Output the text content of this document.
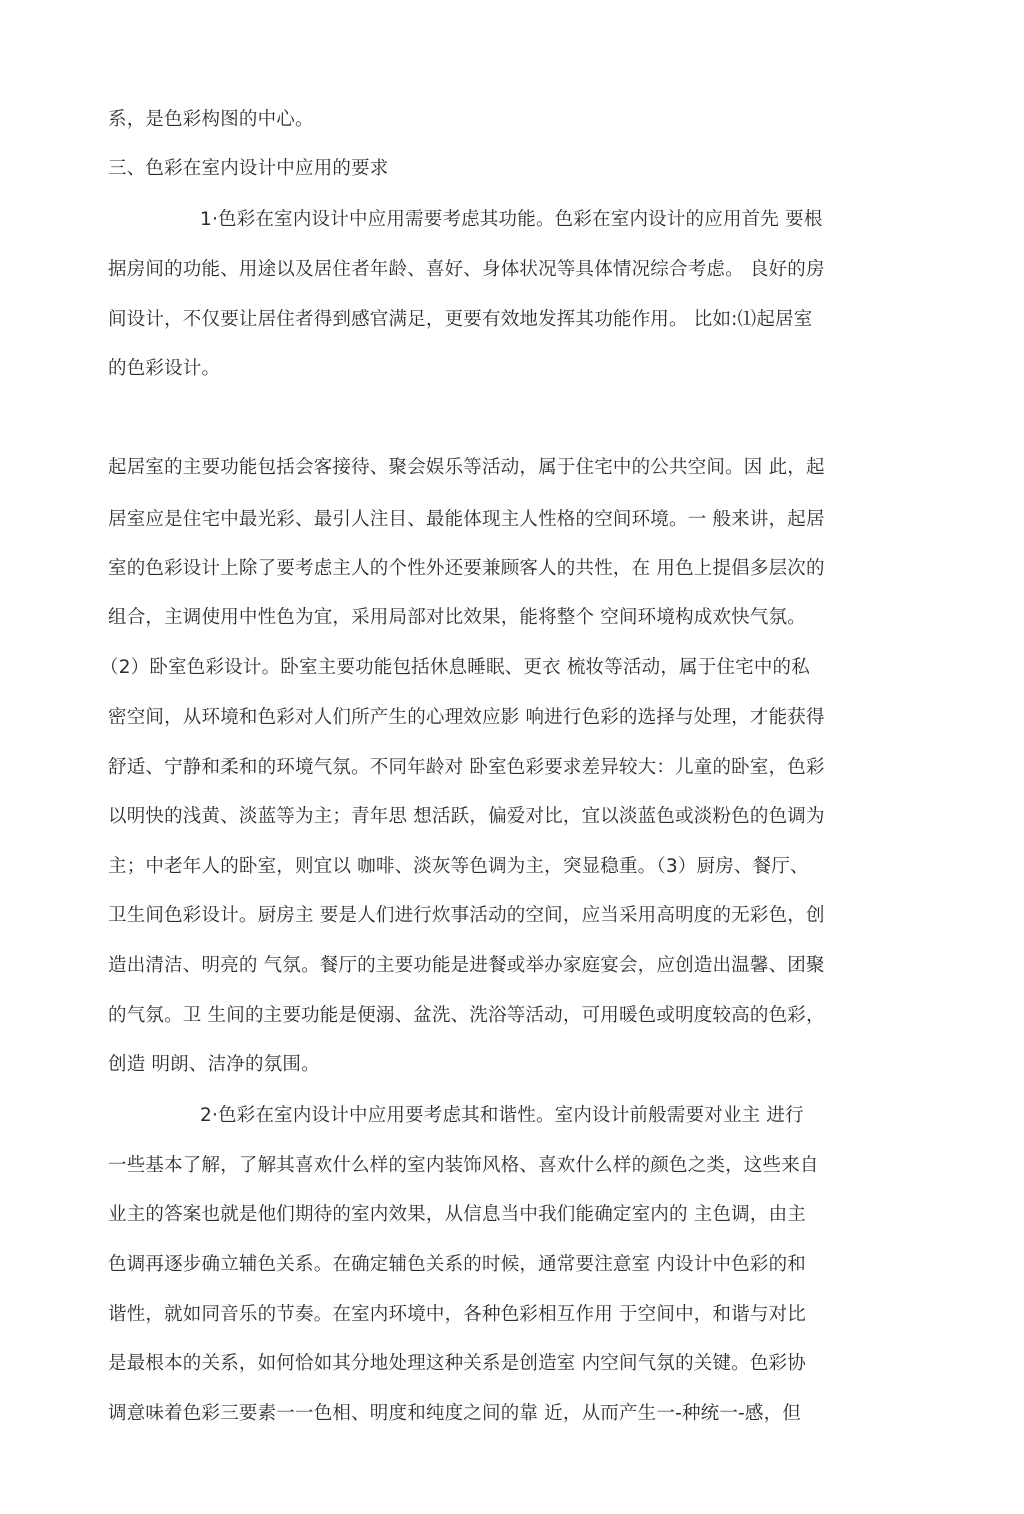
系，是色彩构图的中心。
三、色彩在室内设计中应用的要求
1·色彩在室内设计中应用需要考虑其功能。色彩在室内设计的应用首先 要根
据房间的功能、用途以及居住者年龄、喜好、身体状况等具体情况综合考虑。 良好的房
间设计，不仅要让居住者得到感官满足，更要有效地发挥其功能作用。 比如:⑴起居室
的色彩设计。
起居室的主要功能包括会客接待、聚会娱乐等活动，属于住宅中的公共空间。因 此，起
居室应是住宅中最光彩、最引人注目、最能体现主人性格的空间环境。一 般来讲，起居
室的色彩设计上除了要考虑主人的个性外还要兼顾客人的共性，在 用色上提倡多层次的
组合，主调使用中性色为宜，采用局部对比效果，能将整个 空间环境构成欢快气氛。
（2）卧室色彩设计。卧室主要功能包括休息睡眠、更衣 梳妆等活动，属于住宅中的私
密空间，从环境和色彩对人们所产生的心理效应影 响进行色彩的选择与处理，才能获得
舒适、宁静和柔和的环境气氛。不同年龄对 卧室色彩要求差异较大：儿童的卧室，色彩
以明快的浅黄、淡蓝等为主；青年思 想活跃，偏爱对比，宜以淡蓝色或淡粉色的色调为
主；中老年人的卧室，则宜以 咖啡、淡灰等色调为主，突显稳重。（3）厨房、餐厅、
卫生间色彩设计。厨房主 要是人们进行炊事活动的空间，应当采用高明度的无彩色，创
造出清洁、明亮的 气氛。餐厅的主要功能是进餐或举办家庭宴会，应创造出温馨、团聚
的气氛。卫 生间的主要功能是便溺、盆洗、洗浴等活动，可用暖色或明度较高的色彩，
创造 明朗、洁净的氛围。
2·色彩在室内设计中应用要考虑其和谐性。室内设计前般需要对业主 进行
一些基本了解，了解其喜欢什么样的室内装饰风格、喜欢什么样的颜色之类，这些来自
业主的答案也就是他们期待的室内效果，从信息当中我们能确定室内的 主色调，由主
色调再逐步确立辅色关系。在确定辅色关系的时候，通常要注意室 内设计中色彩的和
谐性，就如同音乐的节奏。在室内环境中，各种色彩相互作用 于空间中，和谐与对比
是最根本的关系，如何恰如其分地处理这种关系是创造室 内空间气氛的关键。色彩协
调意味着色彩三要素一一色相、明度和纯度之间的靠 近，从而产生一-种统一-感，但
